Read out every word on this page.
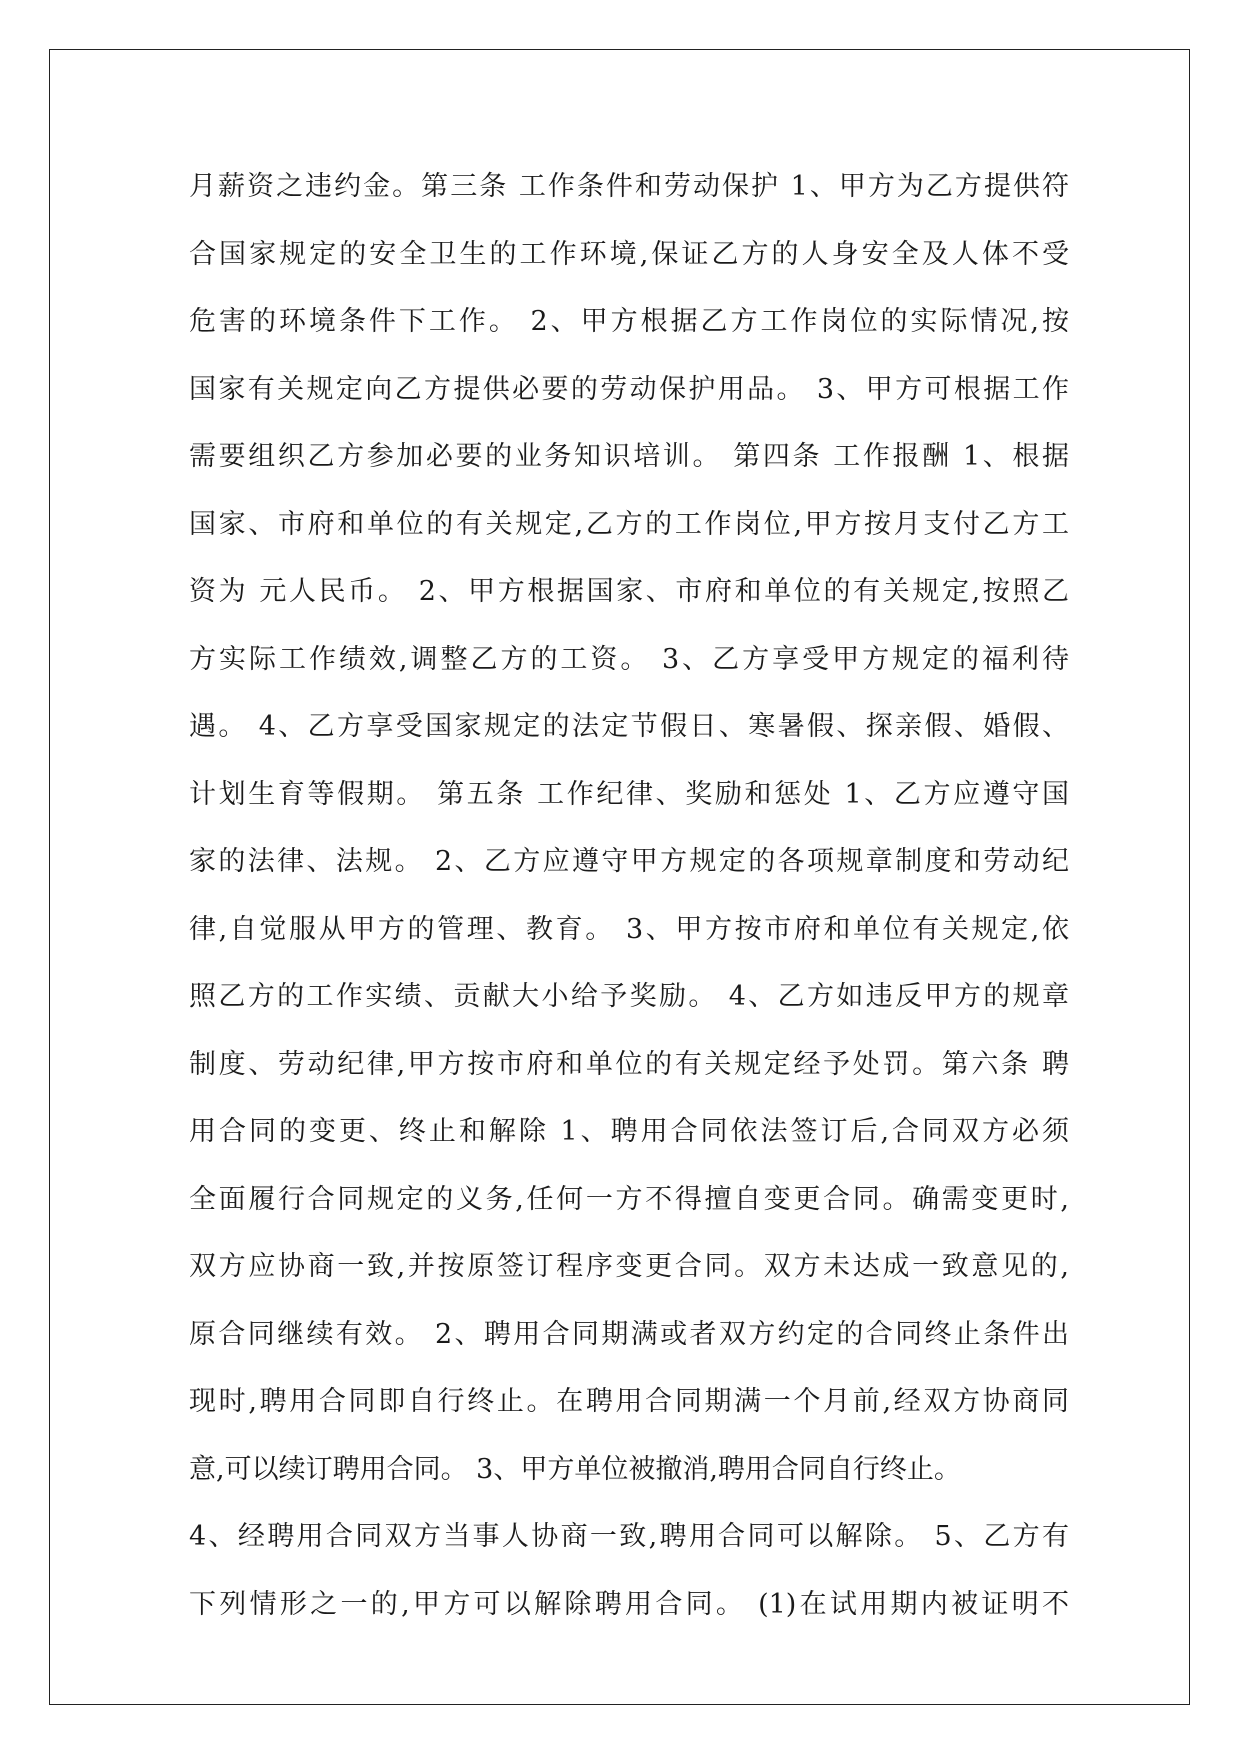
月薪资之违约金。第三条 工作条件和劳动保护 1、甲方为乙方提供符
合国家规定的安全卫生的工作环境,保证乙方的人身安全及人体不受
危害的环境条件下工作。 2、甲方根据乙方工作岗位的实际情况,按
国家有关规定向乙方提供必要的劳动保护用品。 3、甲方可根据工作
需要组织乙方参加必要的业务知识培训。 第四条 工作报酬 1、根据
国家、市府和单位的有关规定,乙方的工作岗位,甲方按月支付乙方工
资为 元人民币。 2、甲方根据国家、市府和单位的有关规定,按照乙
方实际工作绩效,调整乙方的工资。 3、乙方享受甲方规定的福利待
遇。 4、乙方享受国家规定的法定节假日、寒暑假、探亲假、婚假、
计划生育等假期。 第五条 工作纪律、奖励和惩处 1、乙方应遵守国
家的法律、法规。 2、乙方应遵守甲方规定的各项规章制度和劳动纪
律,自觉服从甲方的管理、教育。 3、甲方按市府和单位有关规定,依
照乙方的工作实绩、贡献大小给予奖励。 4、乙方如违反甲方的规章
制度、劳动纪律,甲方按市府和单位的有关规定经予处罚。第六条 聘
用合同的变更、终止和解除 1、聘用合同依法签订后,合同双方必须
全面履行合同规定的义务,任何一方不得擅自变更合同。确需变更时,
双方应协商一致,并按原签订程序变更合同。双方未达成一致意见的,
原合同继续有效。 2、聘用合同期满或者双方约定的合同终止条件出
现时,聘用合同即自行终止。在聘用合同期满一个月前,经双方协商同
意,可以续订聘用合同。 3、甲方单位被撤消,聘用合同自行终止。
4、经聘用合同双方当事人协商一致,聘用合同可以解除。 5、乙方有
下列情形之一的,甲方可以解除聘用合同。 (1)在试用期内被证明不
